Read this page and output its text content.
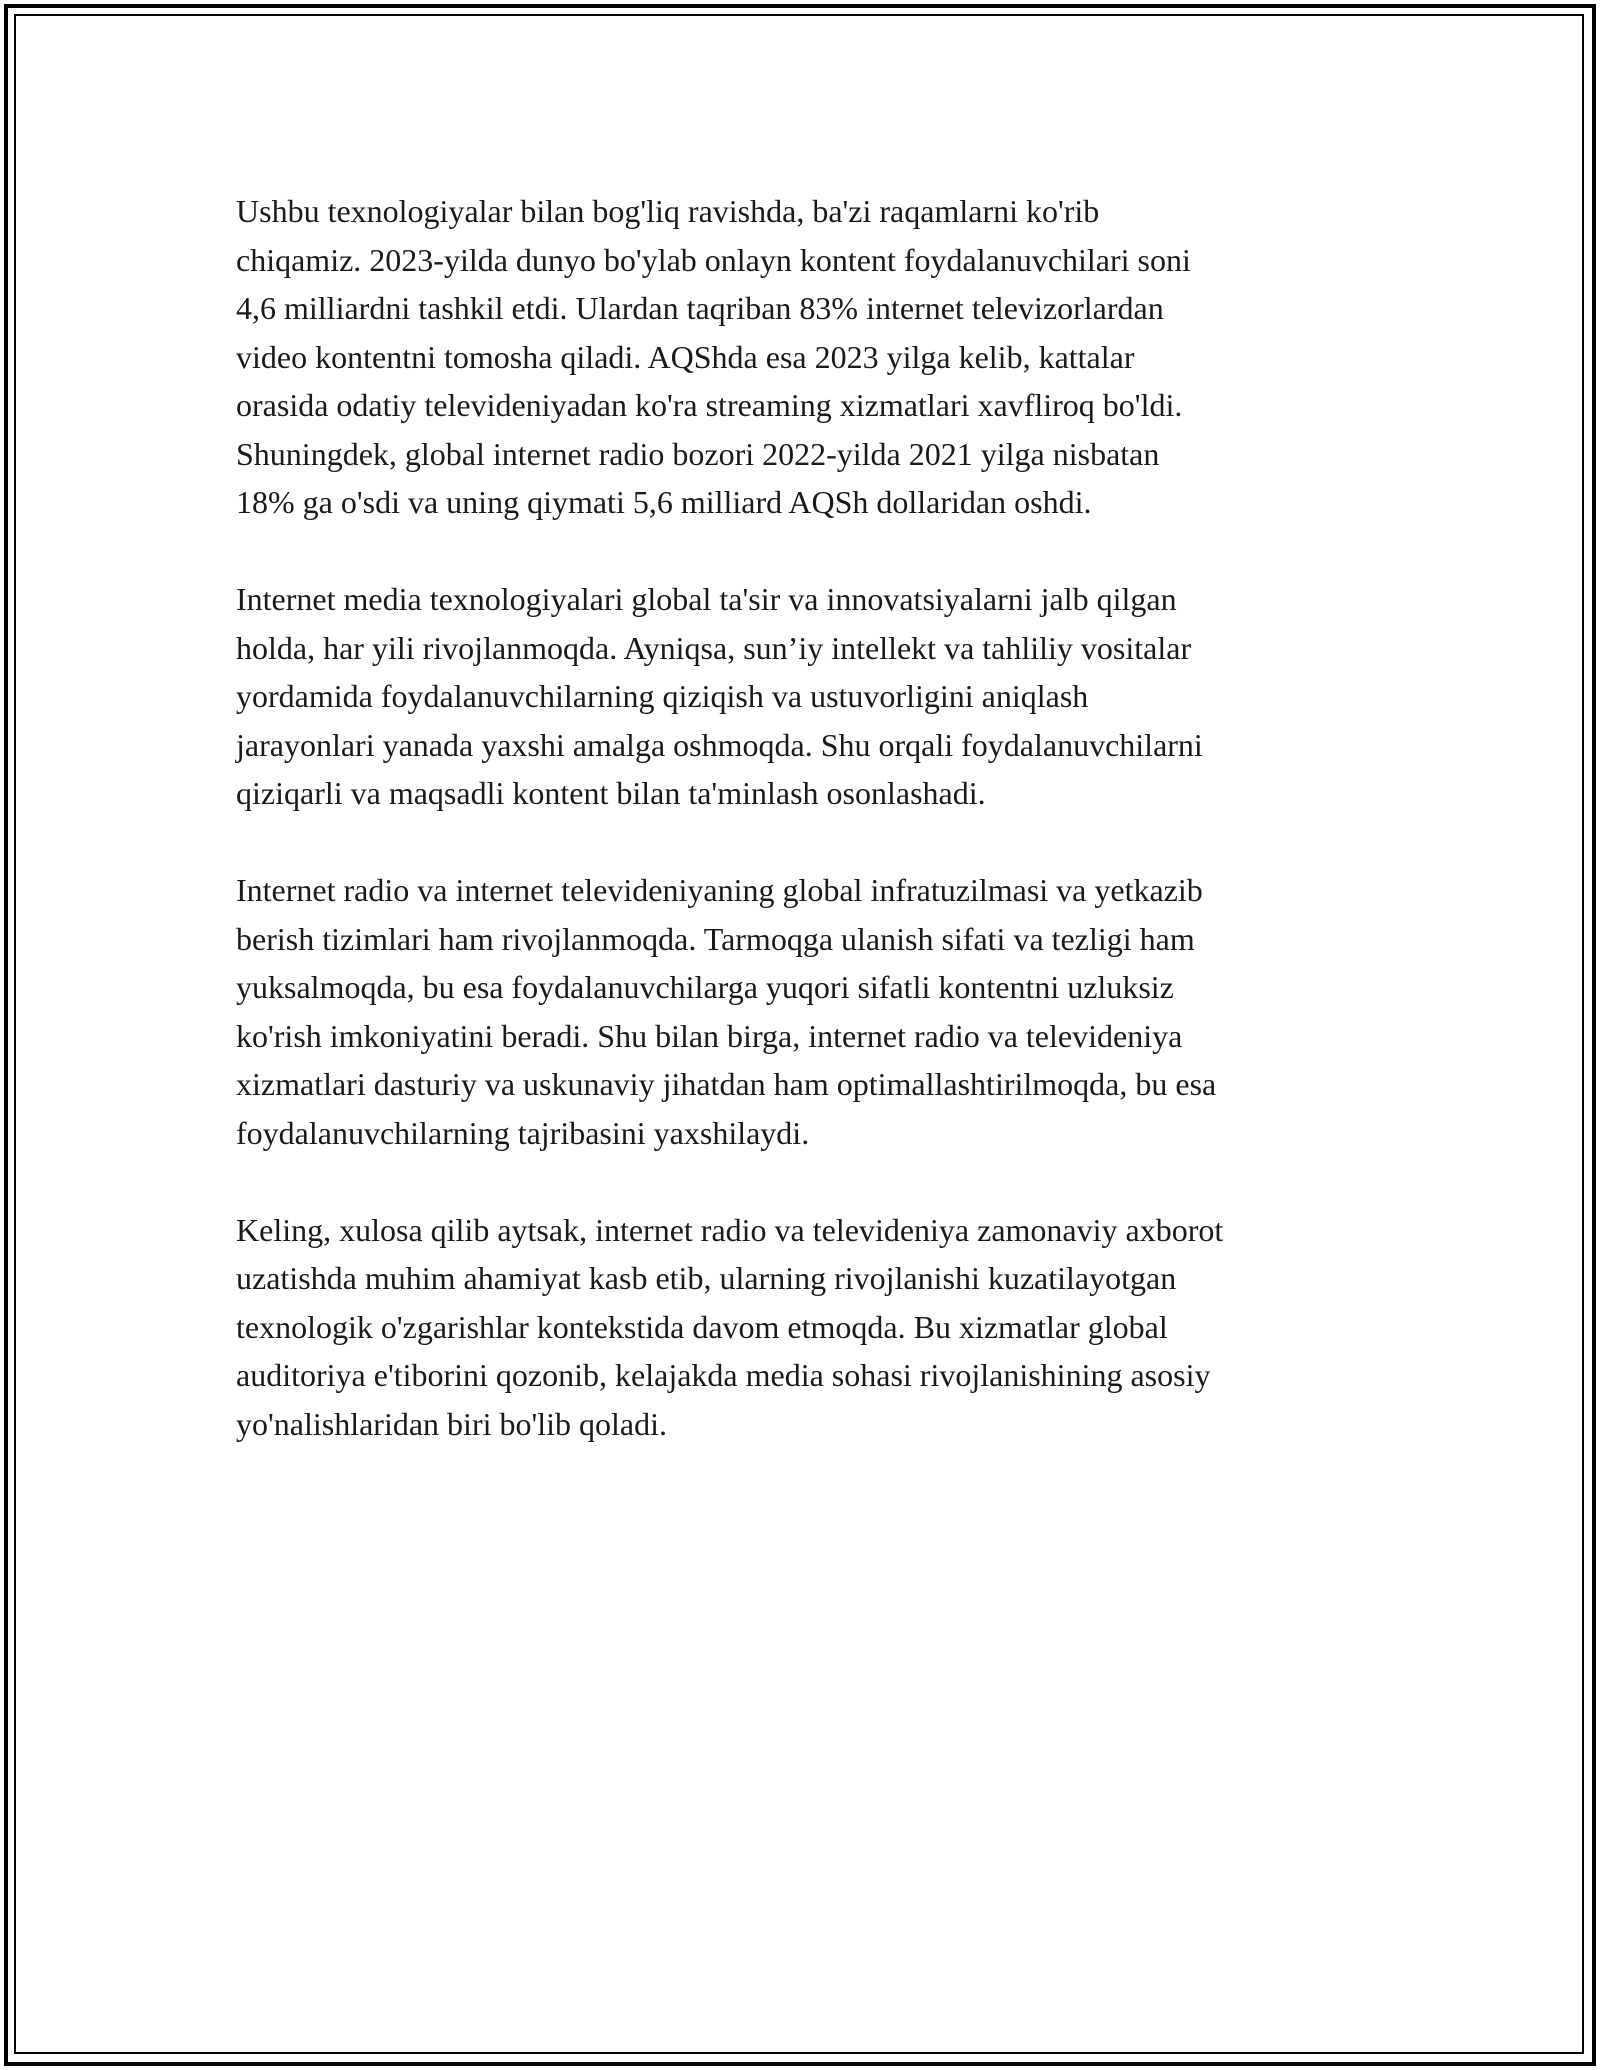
Ushbu texnologiyalar bilan bog'liq ravishda, ba'zi raqamlarni ko'rib
chiqamiz. 2023-yilda dunyo bo'ylab onlayn kontent foydalanuvchilari soni
4,6 milliardni tashkil etdi. Ulardan taqriban 83% internet televizorlardan
video kontentni tomosha qiladi. AQShda esa 2023 yilga kelib, kattalar
orasida odatiy televideniyadan ko'ra streaming xizmatlari xavfliroq bo'ldi.
Shuningdek, global internet radio bozori 2022-yilda 2021 yilga nisbatan
18% ga o'sdi va uning qiymati 5,6 milliard AQSh dollaridan oshdi.

Internet media texnologiyalari global ta'sir va innovatsiyalarni jalb qilgan
holda, har yili rivojlanmoqda. Ayniqsa, sun’iy intellekt va tahliliy vositalar
yordamida foydalanuvchilarning qiziqish va ustuvorligini aniqlash
jarayonlari yanada yaxshi amalga oshmoqda. Shu orqali foydalanuvchilarni
qiziqarli va maqsadli kontent bilan ta'minlash osonlashadi.

Internet radio va internet televideniyaning global infratuzilmasi va yetkazib
berish tizimlari ham rivojlanmoqda. Tarmoqga ulanish sifati va tezligi ham
yuksalmoqda, bu esa foydalanuvchilarga yuqori sifatli kontentni uzluksiz
ko'rish imkoniyatini beradi. Shu bilan birga, internet radio va televideniya
xizmatlari dasturiy va uskunaviy jihatdan ham optimallashtirilmoqda, bu esa
foydalanuvchilarning tajribasini yaxshilaydi.

Keling, xulosa qilib aytsak, internet radio va televideniya zamonaviy axborot
uzatishda muhim ahamiyat kasb etib, ularning rivojlanishi kuzatilayotgan
texnologik o'zgarishlar kontekstida davom etmoqda. Bu xizmatlar global
auditoriya e'tiborini qozonib, kelajakda media sohasi rivojlanishining asosiy
yo'nalishlaridan biri bo'lib qoladi.
